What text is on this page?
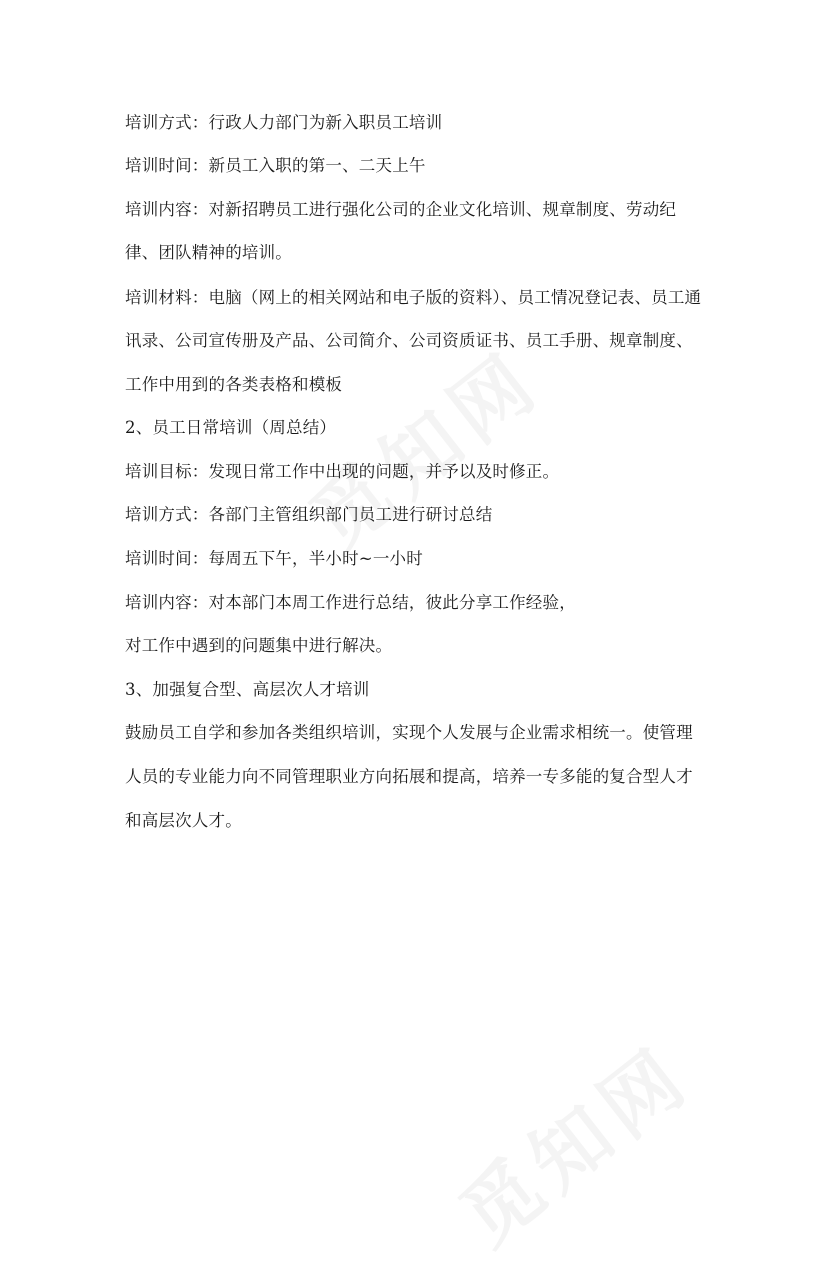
培训方式：行政人力部门为新入职员工培训
培训时间：新员工入职的第一、二天上午
培训内容：对新招聘员工进行强化公司的企业文化培训、规章制度、劳动纪
律、团队精神的培训。
培训材料：电脑（网上的相关网站和电子版的资料）、员工情况登记表、员工通
讯录、公司宣传册及产品、公司简介、公司资质证书、员工手册、规章制度、
工作中用到的各类表格和模板
2、员工日常培训（周总结）
培训目标：发现日常工作中出现的问题，并予以及时修正。
培训方式：各部门主管组织部门员工进行研讨总结
培训时间：每周五下午，半小时~一小时
培训内容：对本部门本周工作进行总结，彼此分享工作经验，
对工作中遇到的问题集中进行解决。
3、加强复合型、高层次人才培训
鼓励员工自学和参加各类组织培训，实现个人发展与企业需求相统一。使管理
人员的专业能力向不同管理职业方向拓展和提高，培养一专多能的复合型人才
和高层次人才。
